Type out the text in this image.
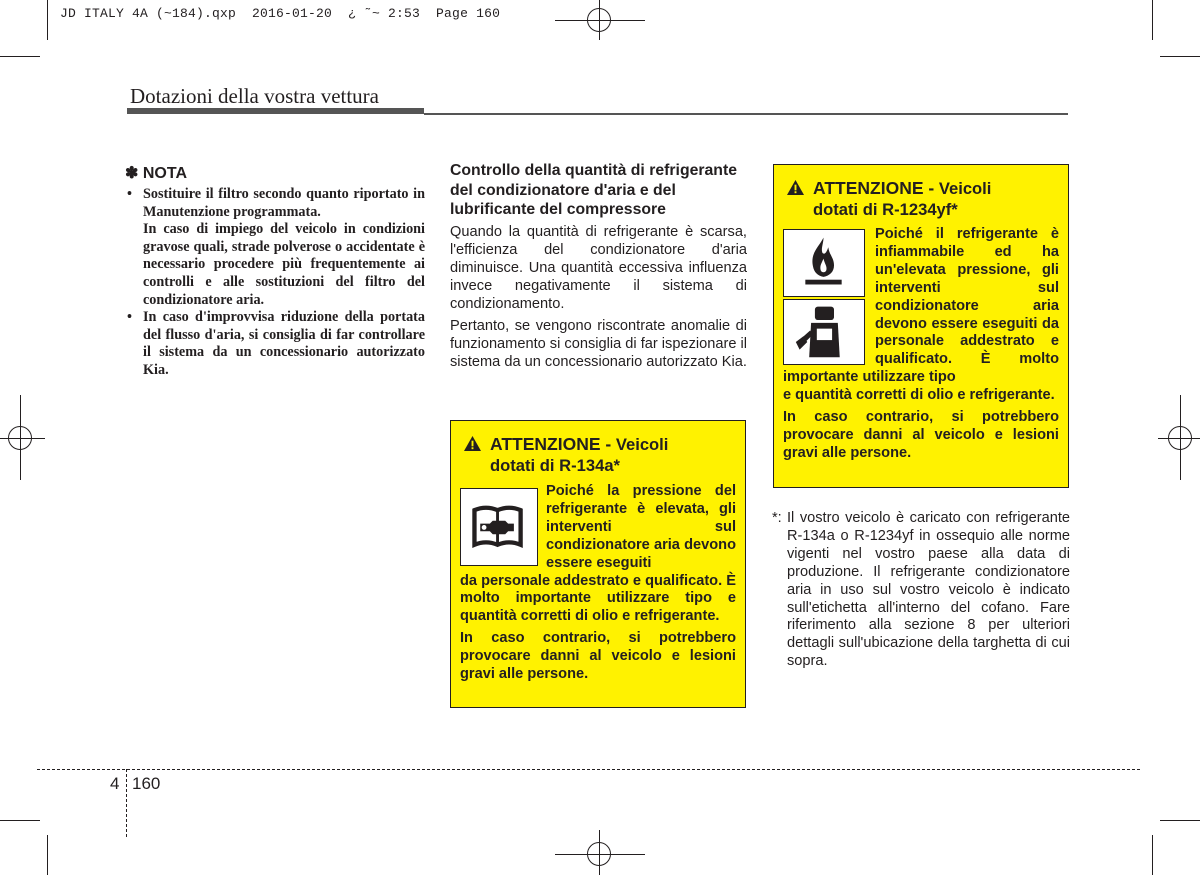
JD ITALY 4A (~184).qxp  2016-01-20  ¿ ˜~ 2:53  Page 160
Dotazioni della vostra vettura
✽ NOTA
• Sostituire il filtro secondo quanto riportato in Manutenzione programmata.
In caso di impiego del veicolo in condizioni gravose quali, strade polverose o accidentate è necessario procedere più frequentemente ai controlli e alle sostituzioni del filtro del condizionatore aria.
• In caso d'improvvisa riduzione della portata del flusso d'aria, si consiglia di far controllare il sistema da un concessionario autorizzato Kia.
Controllo della quantità di refrigerante del condizionatore d'aria e del lubrificante del compressore

Quando la quantità di refrigerante è scarsa, l'efficienza del condizionatore d'aria diminuisce. Una quantità eccessiva influenza invece negativamente il sistema di condizionamento.

Pertanto, se vengono riscontrate anomalie di funzionamento si consiglia di far ispezionare il sistema da un concessionario autorizzato Kia.

ATTENZIONE - Veicoli
dotati di R-134a*
Poiché la pressione del refrigerante è elevata, gli interventi sul condizionatore aria devono essere eseguiti
da personale addestrato e qualificato. È molto importante utilizzare tipo e quantità corretti di olio e refrigerante.
In caso contrario, si potrebbero provocare danni al veicolo e lesioni gravi alle persone.
ATTENZIONE - Veicoli
dotati di R-1234yf*
Poiché il refrigerante è infiammabile ed ha un'elevata pressione, gli interventi sul condizionatore aria devono essere eseguiti da personale addestrato e qualificato. È molto importante utilizzare tipo
e quantità corretti di olio e refrigerante.
In caso contrario, si potrebbero provocare danni al veicolo e lesioni gravi alle persone.
*: Il vostro veicolo è caricato con refrigerante R-134a o R-1234yf in ossequio alle norme vigenti nel vostro paese alla data di produzione. Il refrigerante condizionatore aria in uso sul vostro veicolo è indicato sull'etichetta all'interno del cofano. Fare riferimento alla sezione 8 per ulteriori dettagli sull'ubicazione della targhetta di cui sopra.
4 160
